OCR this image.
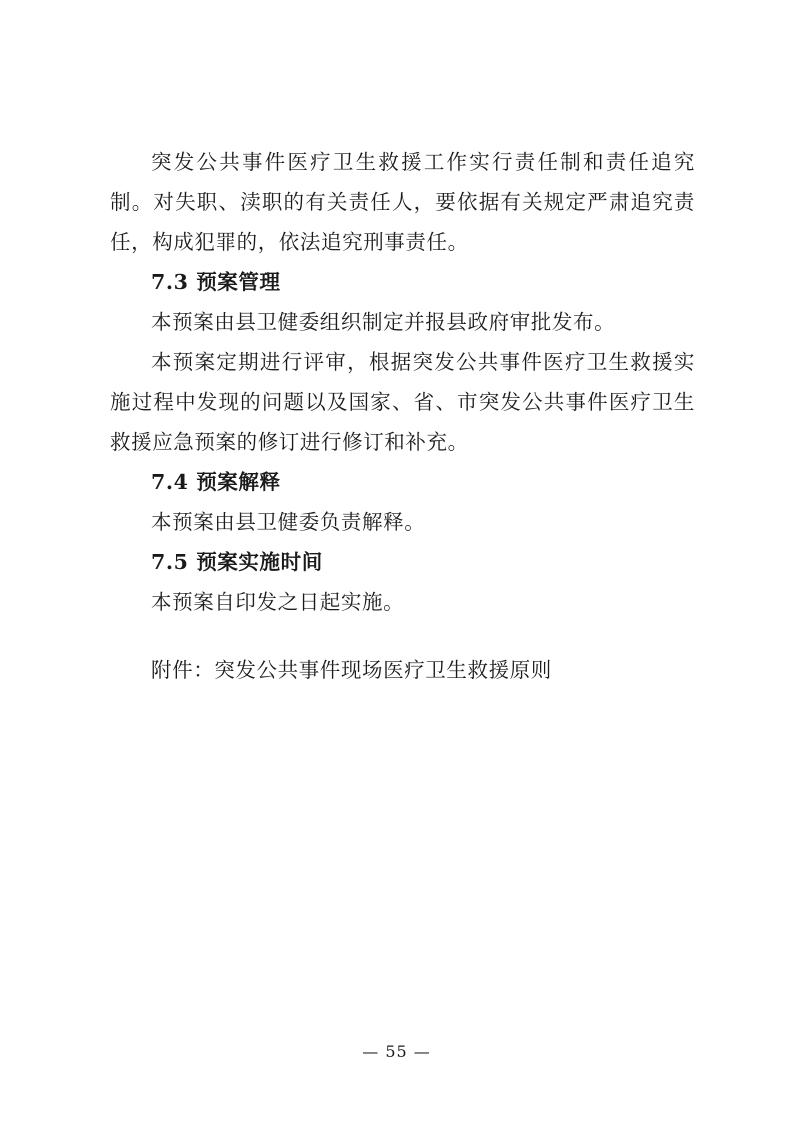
突发公共事件医疗卫生救援工作实行责任制和责任追究制。对失职、渎职的有关责任人，要依据有关规定严肃追究责任，构成犯罪的，依法追究刑事责任。

7.3 预案管理

本预案由县卫健委组织制定并报县政府审批发布。

本预案定期进行评审，根据突发公共事件医疗卫生救援实施过程中发现的问题以及国家、省、市突发公共事件医疗卫生救援应急预案的修订进行修订和补充。

7.4 预案解释

本预案由县卫健委负责解释。

7.5 预案实施时间

本预案自印发之日起实施。

附件：突发公共事件现场医疗卫生救援原则

— 55 —
